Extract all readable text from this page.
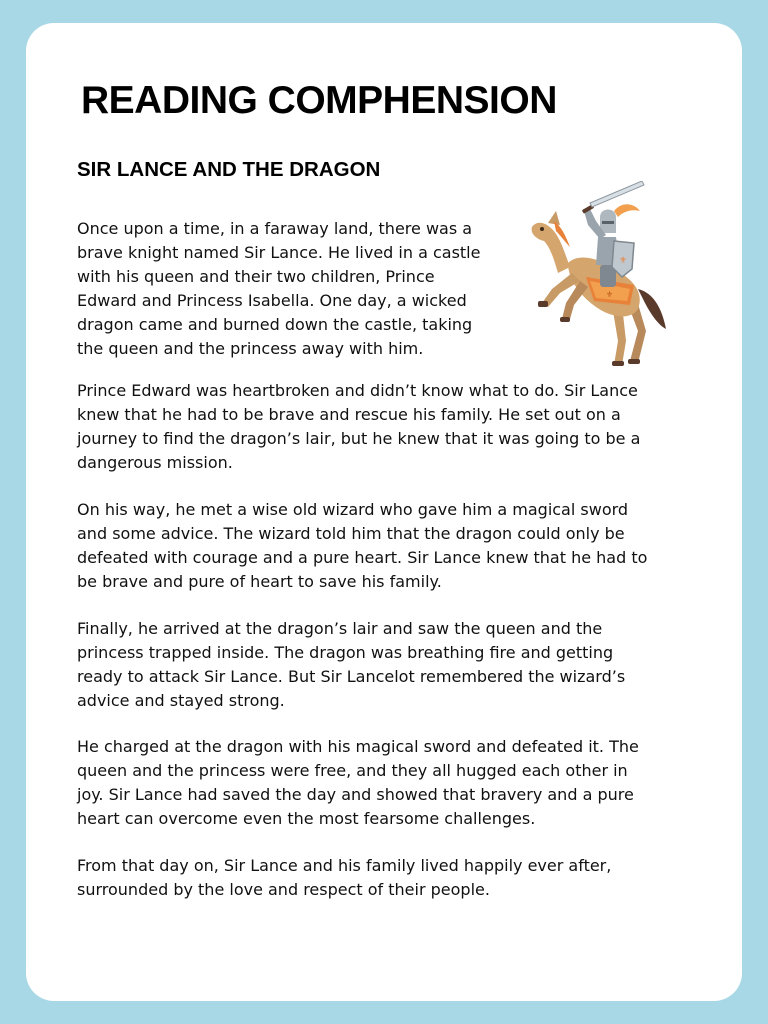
READING COMPHENSION
SIR LANCE AND THE DRAGON
Once upon a time, in a faraway land, there was a
brave knight named Sir Lance. He lived in a castle
with his queen and their two children, Prince
Edward and Princess Isabella. One day, a wicked
dragon came and burned down the castle, taking
the queen and the princess away with him.
⚜
⚜
Prince Edward was heartbroken and didn’t know what to do. Sir Lance
knew that he had to be brave and rescue his family. He set out on a
journey to find the dragon’s lair, but he knew that it was going to be a
dangerous mission.
On his way, he met a wise old wizard who gave him a magical sword
and some advice. The wizard told him that the dragon could only be
defeated with courage and a pure heart. Sir Lance knew that he had to
be brave and pure of heart to save his family.
Finally, he arrived at the dragon’s lair and saw the queen and the
princess trapped inside. The dragon was breathing fire and getting
ready to attack Sir Lance. But Sir Lancelot remembered the wizard’s
advice and stayed strong.
He charged at the dragon with his magical sword and defeated it. The
queen and the princess were free, and they all hugged each other in
joy. Sir Lance had saved the day and showed that bravery and a pure
heart can overcome even the most fearsome challenges.
From that day on, Sir Lance and his family lived happily ever after,
surrounded by the love and respect of their people.
